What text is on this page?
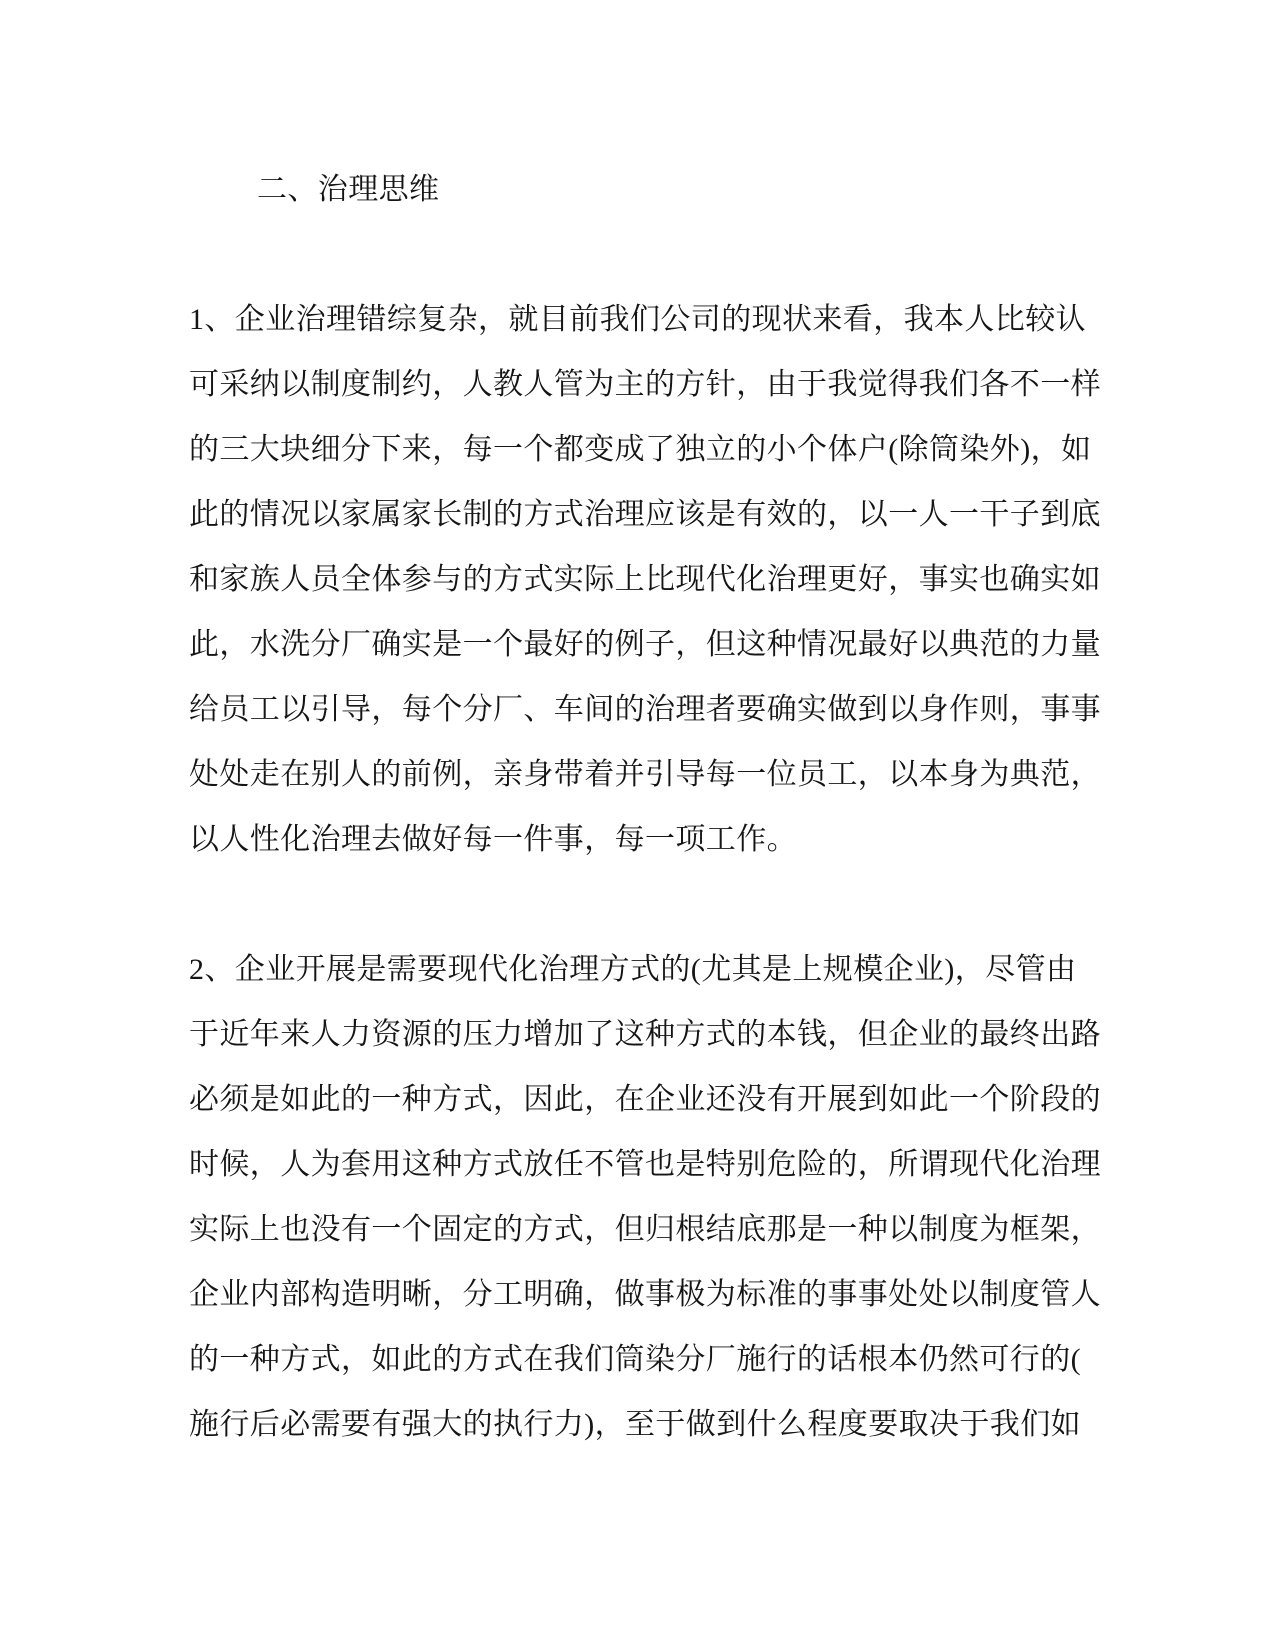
二、治理思维
1、企业治理错综复杂，就目前我们公司的现状来看，我本人比较认
可采纳以制度制约，人教人管为主的方针，由于我觉得我们各不一样
的三大块细分下来，每一个都变成了独立的小个体户(除筒染外)，如
此的情况以家属家长制的方式治理应该是有效的，以一人一干子到底
和家族人员全体参与的方式实际上比现代化治理更好，事实也确实如
此，水洗分厂确实是一个最好的例子，但这种情况最好以典范的力量
给员工以引导，每个分厂、车间的治理者要确实做到以身作则，事事
处处走在别人的前例，亲身带着并引导每一位员工，以本身为典范，
以人性化治理去做好每一件事，每一项工作。
2、企业开展是需要现代化治理方式的(尤其是上规模企业)，尽管由
于近年来人力资源的压力增加了这种方式的本钱，但企业的最终出路
必须是如此的一种方式，因此，在企业还没有开展到如此一个阶段的
时候，人为套用这种方式放任不管也是特别危险的，所谓现代化治理
实际上也没有一个固定的方式，但归根结底那是一种以制度为框架，
企业内部构造明晰，分工明确，做事极为标准的事事处处以制度管人
的一种方式，如此的方式在我们筒染分厂施行的话根本仍然可行的(
施行后必需要有强大的执行力)，至于做到什么程度要取决于我们如
